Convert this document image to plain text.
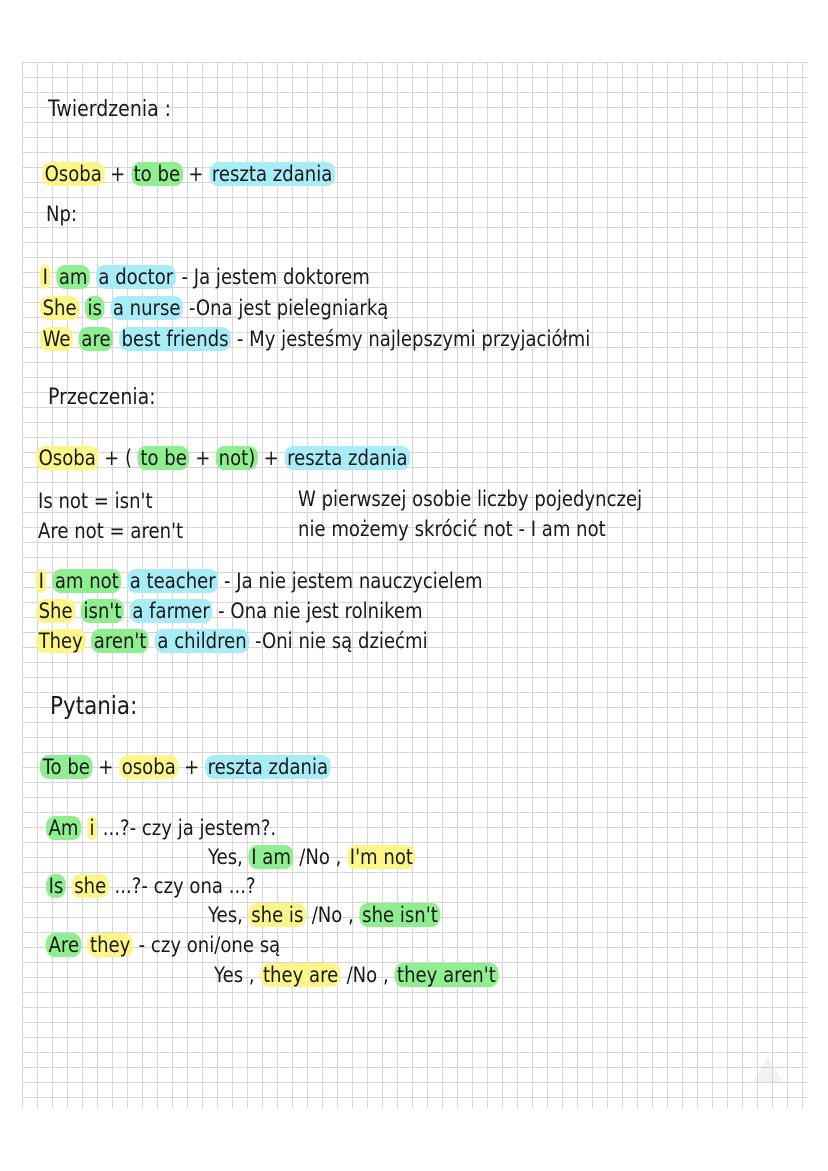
Twierdzenia :
Osoba + to be + reszta zdania
Np:
I am a doctor - Ja jestem doktorem
She is a nurse -Ona jest pielegniarką
We are best friends - My jesteśmy najlepszymi przyjaciółmi
Przeczenia:
Osoba + ( to be + not) + reszta zdania
Is not = isn't
Are not = aren't
W pierwszej osobie liczby pojedynczej
nie możemy skrócić not - I am not
I am not a teacher - Ja nie jestem nauczycielem
She isn't a farmer - Ona nie jest rolnikem
They aren't a children -Oni nie są dziećmi
Pytania:
To be + osoba + reszta zdania
Am i ...?- czy ja jestem?.
Yes, I am /No , I'm not
Is she ...?- czy ona ...?
Yes, she is /No , she isn't
Are they - czy oni/one są
Yes , they are /No , they aren't
